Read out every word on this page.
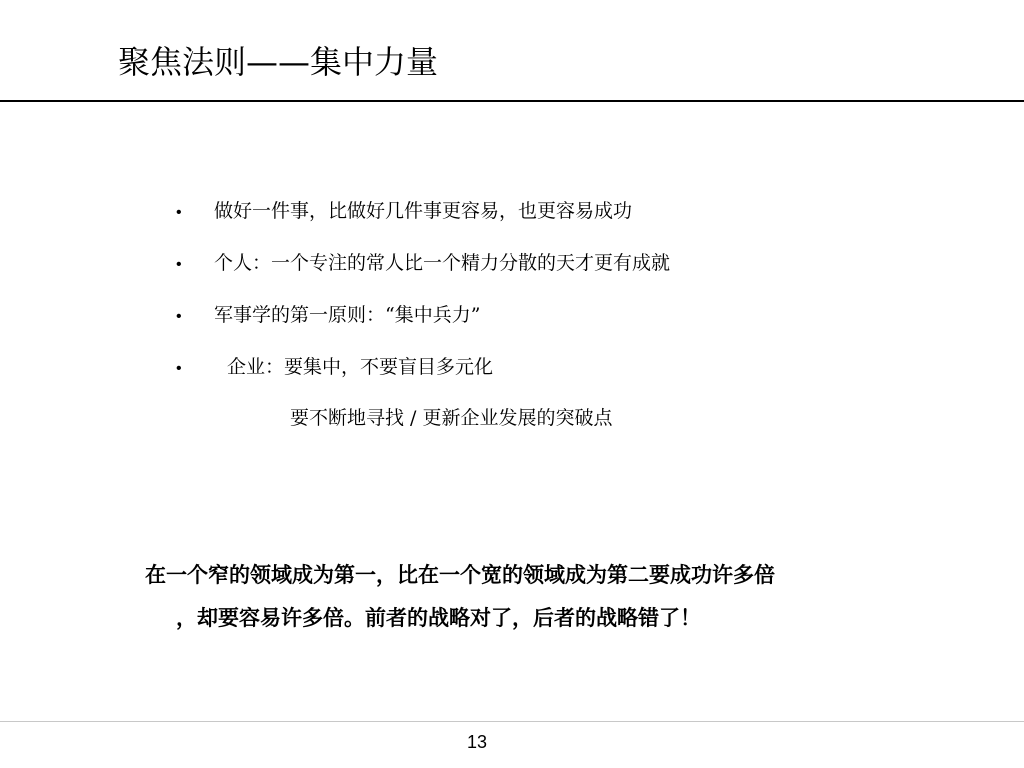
聚焦法则——集中力量
• 做好一件事，比做好几件事更容易，也更容易成功
• 个人：一个专注的常人比一个精力分散的天才更有成就
• 军事学的第一原则：“集中兵力”
• 企业：要集中，不要盲目多元化
要不断地寻找 / 更新企业发展的突破点
在一个窄的领域成为第一，比在一个宽的领域成为第二要成功许多倍
，却要容易许多倍。前者的战略对了，后者的战略错了！
13
